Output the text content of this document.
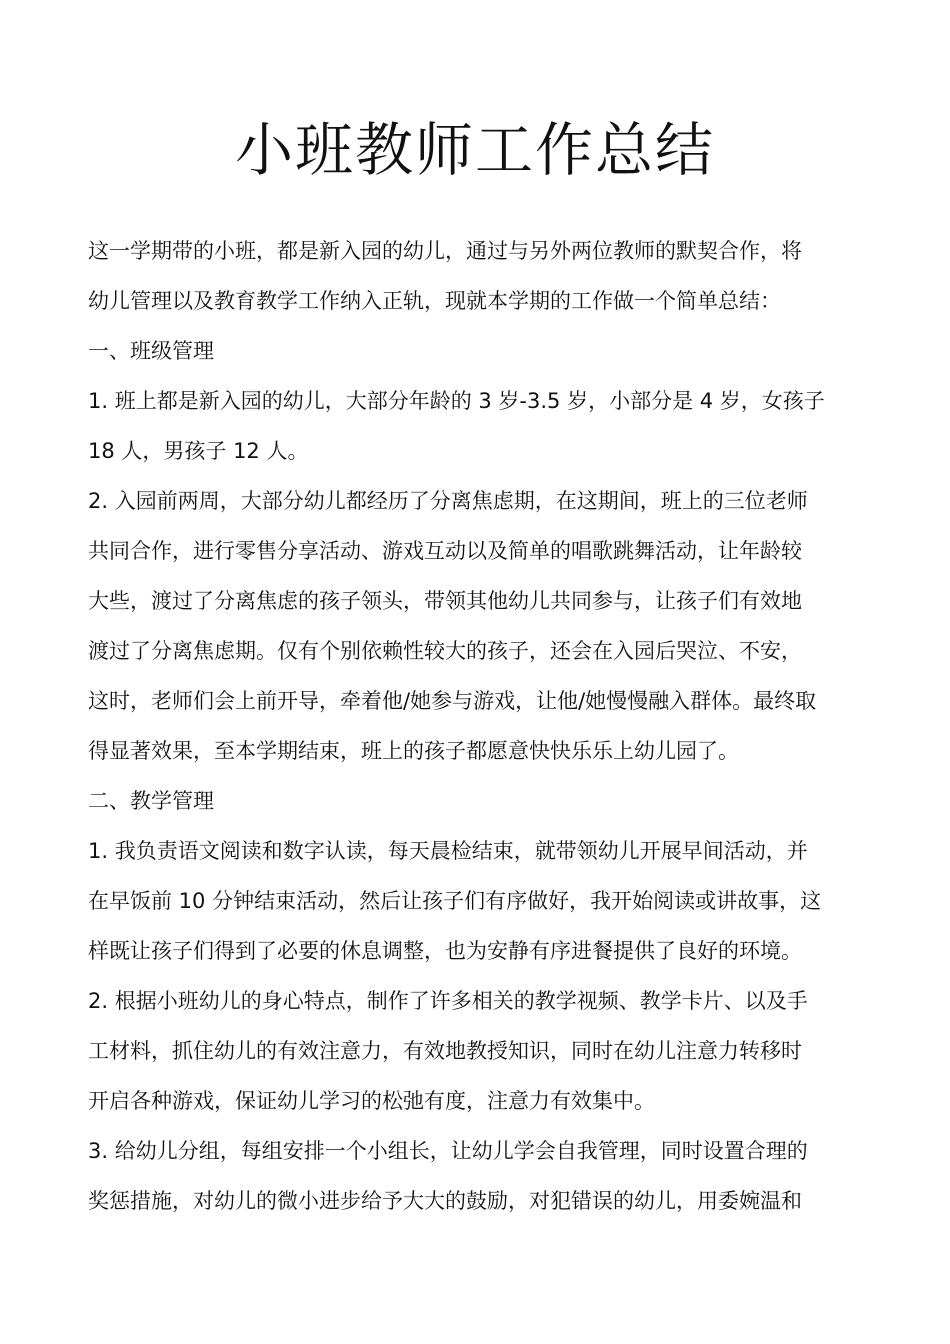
小班教师工作总结

这一学期带的小班，都是新入园的幼儿，通过与另外两位教师的默契合作，将

幼儿管理以及教育教学工作纳入正轨，现就本学期的工作做一个简单总结：

一、班级管理

1. 班上都是新入园的幼儿，大部分年龄的 3 岁-3.5 岁，小部分是 4 岁，女孩子

18 人，男孩子 12 人。

2. 入园前两周，大部分幼儿都经历了分离焦虑期，在这期间，班上的三位老师

共同合作，进行零售分享活动、游戏互动以及简单的唱歌跳舞活动，让年龄较

大些，渡过了分离焦虑的孩子领头，带领其他幼儿共同参与，让孩子们有效地

渡过了分离焦虑期。仅有个别依赖性较大的孩子，还会在入园后哭泣、不安，

这时，老师们会上前开导，牵着他/她参与游戏，让他/她慢慢融入群体。最终取

得显著效果，至本学期结束，班上的孩子都愿意快快乐乐上幼儿园了。

二、教学管理

1. 我负责语文阅读和数字认读，每天晨检结束，就带领幼儿开展早间活动，并

在早饭前 10 分钟结束活动，然后让孩子们有序做好，我开始阅读或讲故事，这

样既让孩子们得到了必要的休息调整，也为安静有序进餐提供了良好的环境。

2. 根据小班幼儿的身心特点，制作了许多相关的教学视频、教学卡片、以及手

工材料，抓住幼儿的有效注意力，有效地教授知识，同时在幼儿注意力转移时

开启各种游戏，保证幼儿学习的松弛有度，注意力有效集中。

3. 给幼儿分组，每组安排一个小组长，让幼儿学会自我管理，同时设置合理的

奖惩措施，对幼儿的微小进步给予大大的鼓励，对犯错误的幼儿，用委婉温和
